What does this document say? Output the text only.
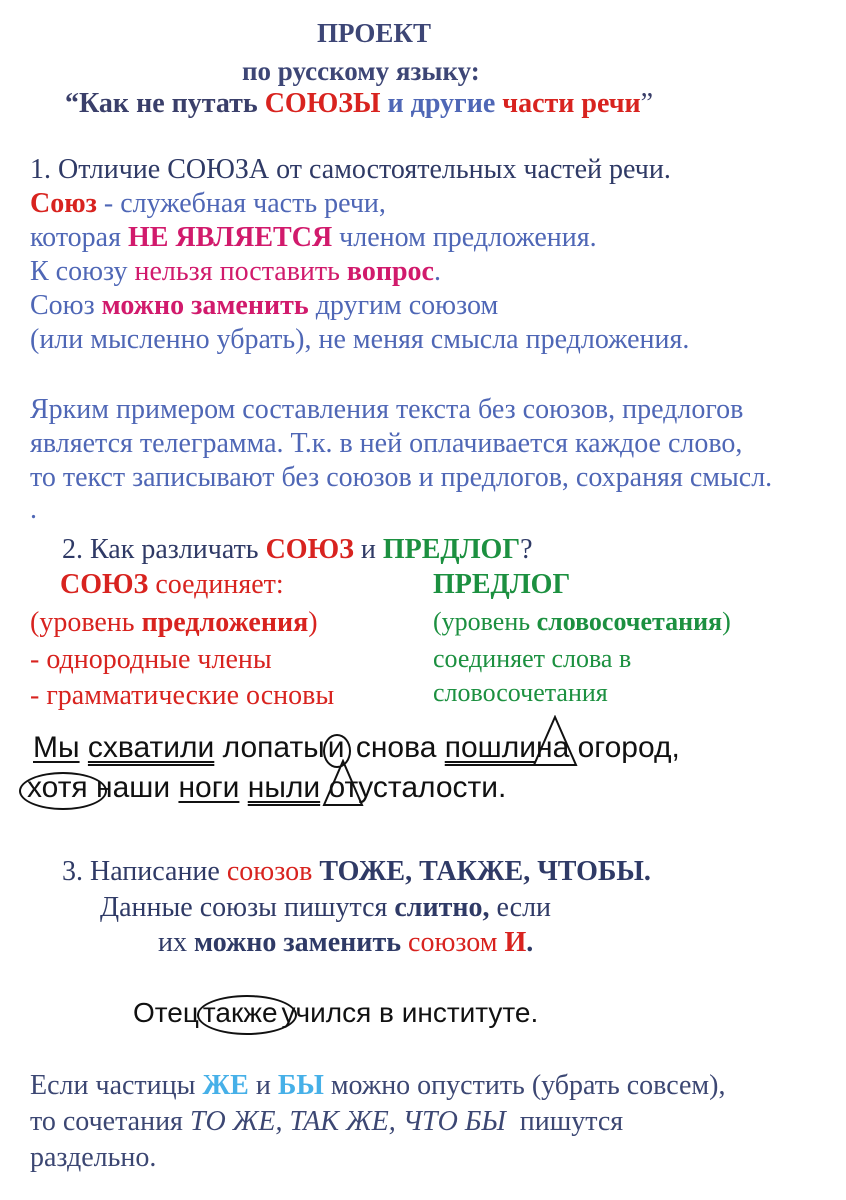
ПРОЕКТ
по русскому языку:
“Как не путать СОЮЗЫ и другие части речи”
1. Отличие СОЮЗА от самостоятельных частей речи.
Союз - служебная часть речи,
которая НЕ ЯВЛЯЕТСЯ членом предложения.
К союзу нельзя поставить вопрос.
Союз можно заменить другим союзом
(или мысленно убрать), не меняя смысла предложения.
Ярким примером составления текста без союзов, предлогов
является телеграмма. Т.к. в ней оплачивается каждое слово,
то текст записывают без союзов и предлогов, сохраняя смысл.
.
2. Как различать СОЮЗ и ПРЕДЛОГ?
СОЮЗ соединяет:
(уровень предложения)
- однородные члены
- грамматические основы
ПРЕДЛОГ
(уровень словосочетания)
соединяет слова в
словосочетания
Мы схватили лопаты и снова пошлина огород,
хотя наши ноги ныли от
усталости.
3. Написание союзов ТОЖЕ, ТАКЖЕ, ЧТОБЫ.
Данные союзы пишутся слитно, если
их можно заменить союзом И.
Отец также учился в институте.
Если частицы ЖЕ и БЫ можно опустить (убрать совсем),
то сочетания ТО ЖЕ, ТАК ЖЕ, ЧТО БЫ  пишутся
раздельно.
